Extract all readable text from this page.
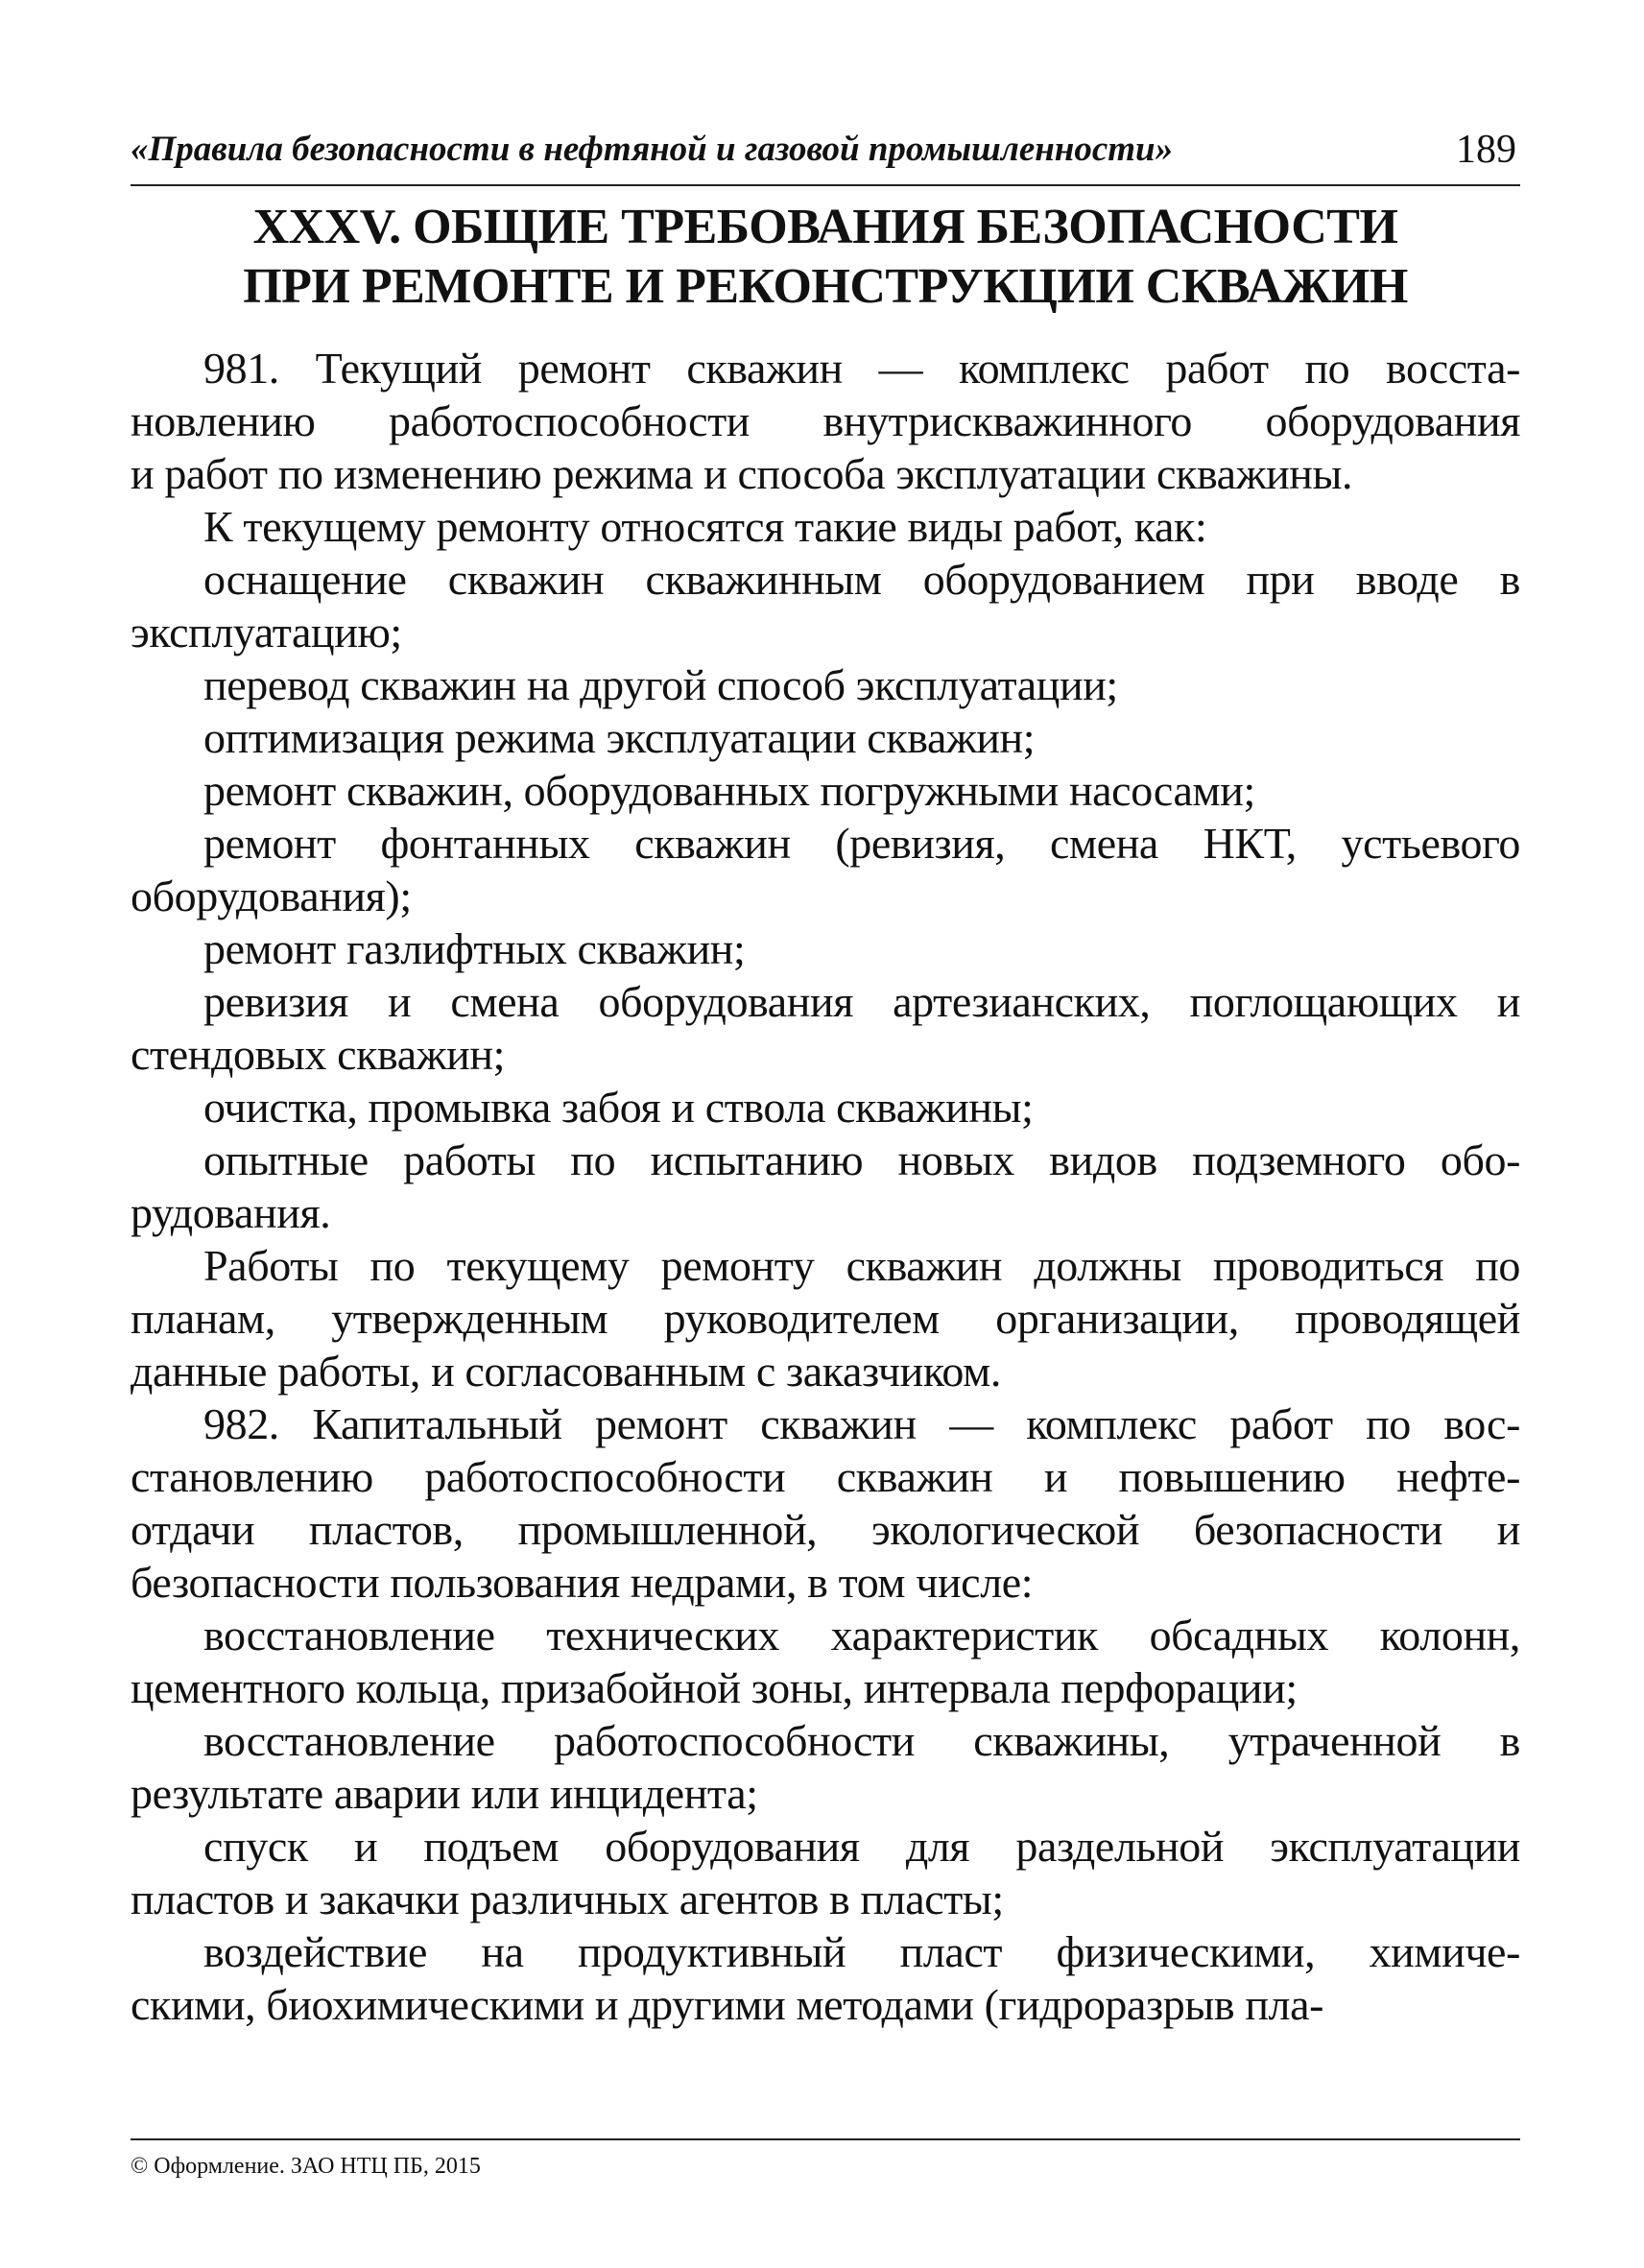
«Правила безопасности в нефтяной и газовой промышленности»	189
XXXV. ОБЩИЕ ТРЕБОВАНИЯ БЕЗОПАСНОСТИ
ПРИ РЕМОНТЕ И РЕКОНСТРУКЦИИ СКВАЖИН
981. Текущий ремонт скважин — комплекс работ по восста-
новлению работоспособности внутрискважинного оборудования
и работ по изменению режима и способа эксплуатации скважины.
К текущему ремонту относятся такие виды работ, как:
оснащение скважин скважинным оборудованием при вводе в
эксплуатацию;
перевод скважин на другой способ эксплуатации;
оптимизация режима эксплуатации скважин;
ремонт скважин, оборудованных погружными насосами;
ремонт фонтанных скважин (ревизия, смена НКТ, устьевого
оборудования);
ремонт газлифтных скважин;
ревизия и смена оборудования артезианских, поглощающих и
стендовых скважин;
очистка, промывка забоя и ствола скважины;
опытные работы по испытанию новых видов подземного обо-
рудования.
Работы по текущему ремонту скважин должны проводиться по
планам, утвержденным руководителем организации, проводящей
данные работы, и согласованным с заказчиком.
982. Капитальный ремонт скважин — комплекс работ по вос-
становлению работоспособности скважин и повышению нефте-
отдачи пластов, промышленной, экологической безопасности и
безопасности пользования недрами, в том числе:
восстановление технических характеристик обсадных колонн,
цементного кольца, призабойной зоны, интервала перфорации;
восстановление работоспособности скважины, утраченной в
результате аварии или инцидента;
спуск и подъем оборудования для раздельной эксплуатации
пластов и закачки различных агентов в пласты;
воздействие на продуктивный пласт физическими, химиче-
скими, биохимическими и другими методами (гидроразрыв пла-
© Оформление. ЗАО НТЦ ПБ, 2015
